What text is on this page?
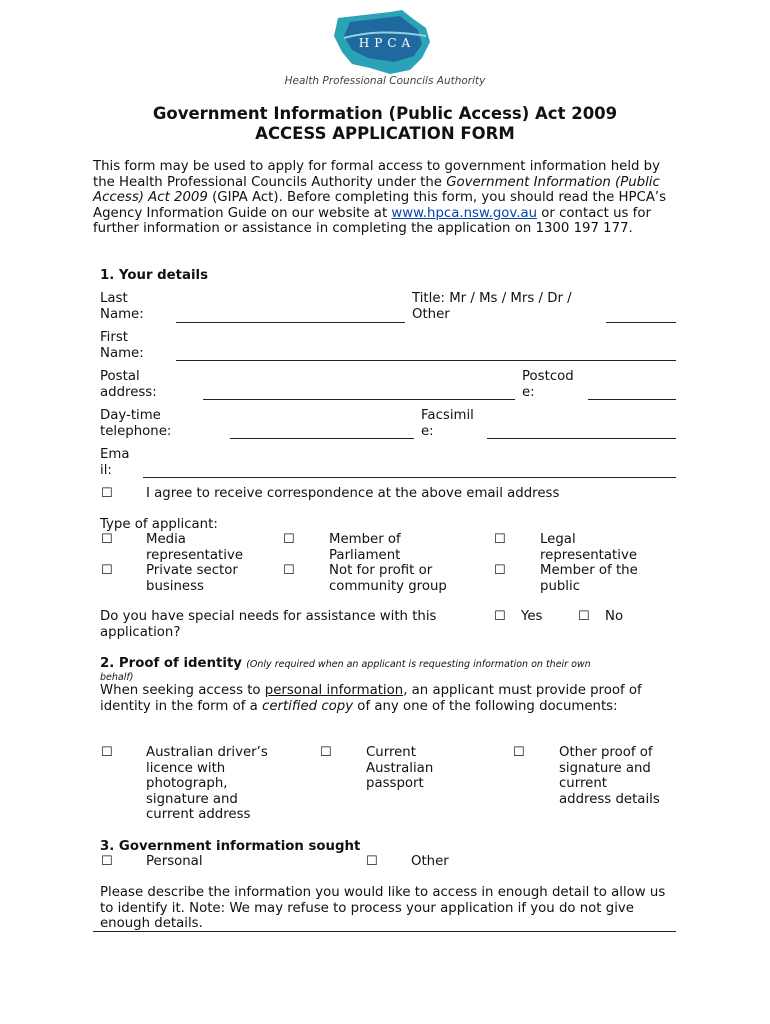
HPCA
Health Professional Councils Authority
Government Information (Public Access) Act 2009
ACCESS APPLICATION FORM

This form may be used to apply for formal access to government information held by the Health Professional Councils Authority under the Government Information (Public Access) Act 2009 (GIPA Act). Before completing this form, you should read the HPCA’s Agency Information Guide on our website at www.hpca.nsw.gov.au or contact us for further information or assistance in completing the application on 1300 197 177.

1. Your details
Last
Name:
Title: Mr / Ms / Mrs / Dr /
Other
First
Name:
Postal
address:
Postcod
e:
Day-time
telephone:
Facsimil
e:
Ema
il:
☐	I agree to receive correspondence at the above email address
Type of applicant:
☐	Media
representative
☐	Member of
Parliament
☐	Legal
representative
☐	Private sector
business
☐	Not for profit or
community group
☐	Member of the
public
Do you have special needs for assistance with this
application?
☐ Yes	☐ No
2. Proof of identity (Only required when an applicant is requesting information on their own
behalf)

When seeking access to personal information, an applicant must provide proof of identity in the form of a certified copy of any one of the following documents:

☐	Australian driver’s
licence with
photograph,
signature and
current address
☐	Current
Australian
passport
☐	Other proof of
signature and
current
address details
3. Government information sought
☐	Personal	☐	Other

Please describe the information you would like to access in enough detail to allow us to identify it. Note: We may refuse to process your application if you do not give enough details.
